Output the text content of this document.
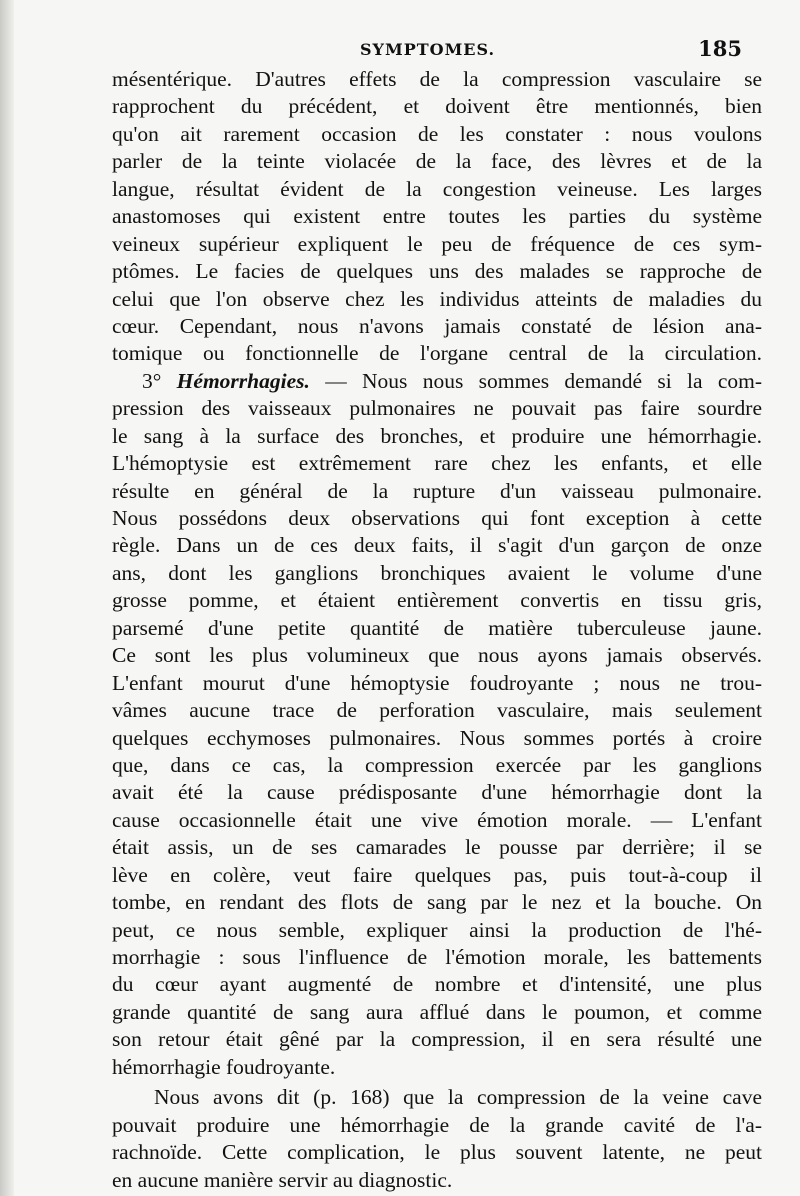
SYMPTOMES.	185
mésentérique. D'autres effets de la compression vasculaire se
rapprochent du précédent, et doivent être mentionnés, bien
qu'on ait rarement occasion de les constater : nous voulons
parler de la teinte violacée de la face, des lèvres et de la
langue, résultat évident de la congestion veineuse. Les larges
anastomoses qui existent entre toutes les parties du système
veineux supérieur expliquent le peu de fréquence de ces sym-
ptômes. Le facies de quelques uns des malades se rapproche de
celui que l'on observe chez les individus atteints de maladies du
cœur. Cependant, nous n'avons jamais constaté de lésion ana-
tomique ou fonctionnelle de l'organe central de la circulation.
3° Hémorrhagies. — Nous nous sommes demandé si la com-
pression des vaisseaux pulmonaires ne pouvait pas faire sourdre
le sang à la surface des bronches, et produire une hémorrhagie.
L'hémoptysie est extrêmement rare chez les enfants, et elle
résulte en général de la rupture d'un vaisseau pulmonaire.
Nous possédons deux observations qui font exception à cette
règle. Dans un de ces deux faits, il s'agit d'un garçon de onze
ans, dont les ganglions bronchiques avaient le volume d'une
grosse pomme, et étaient entièrement convertis en tissu gris,
parsemé d'une petite quantité de matière tuberculeuse jaune.
Ce sont les plus volumineux que nous ayons jamais observés.
L'enfant mourut d'une hémoptysie foudroyante ; nous ne trou-
vâmes aucune trace de perforation vasculaire, mais seulement
quelques ecchymoses pulmonaires. Nous sommes portés à croire
que, dans ce cas, la compression exercée par les ganglions
avait été la cause prédisposante d'une hémorrhagie dont la
cause occasionnelle était une vive émotion morale. — L'enfant
était assis, un de ses camarades le pousse par derrière; il se
lève en colère, veut faire quelques pas, puis tout-à-coup il
tombe, en rendant des flots de sang par le nez et la bouche. On
peut, ce nous semble, expliquer ainsi la production de l'hé-
morrhagie : sous l'influence de l'émotion morale, les battements
du cœur ayant augmenté de nombre et d'intensité, une plus
grande quantité de sang aura afflué dans le poumon, et comme
son retour était gêné par la compression, il en sera résulté une
hémorrhagie foudroyante.
Nous avons dit (p. 168) que la compression de la veine cave
pouvait produire une hémorrhagie de la grande cavité de l'a-
rachnoïde. Cette complication, le plus souvent latente, ne peut
en aucune manière servir au diagnostic.
